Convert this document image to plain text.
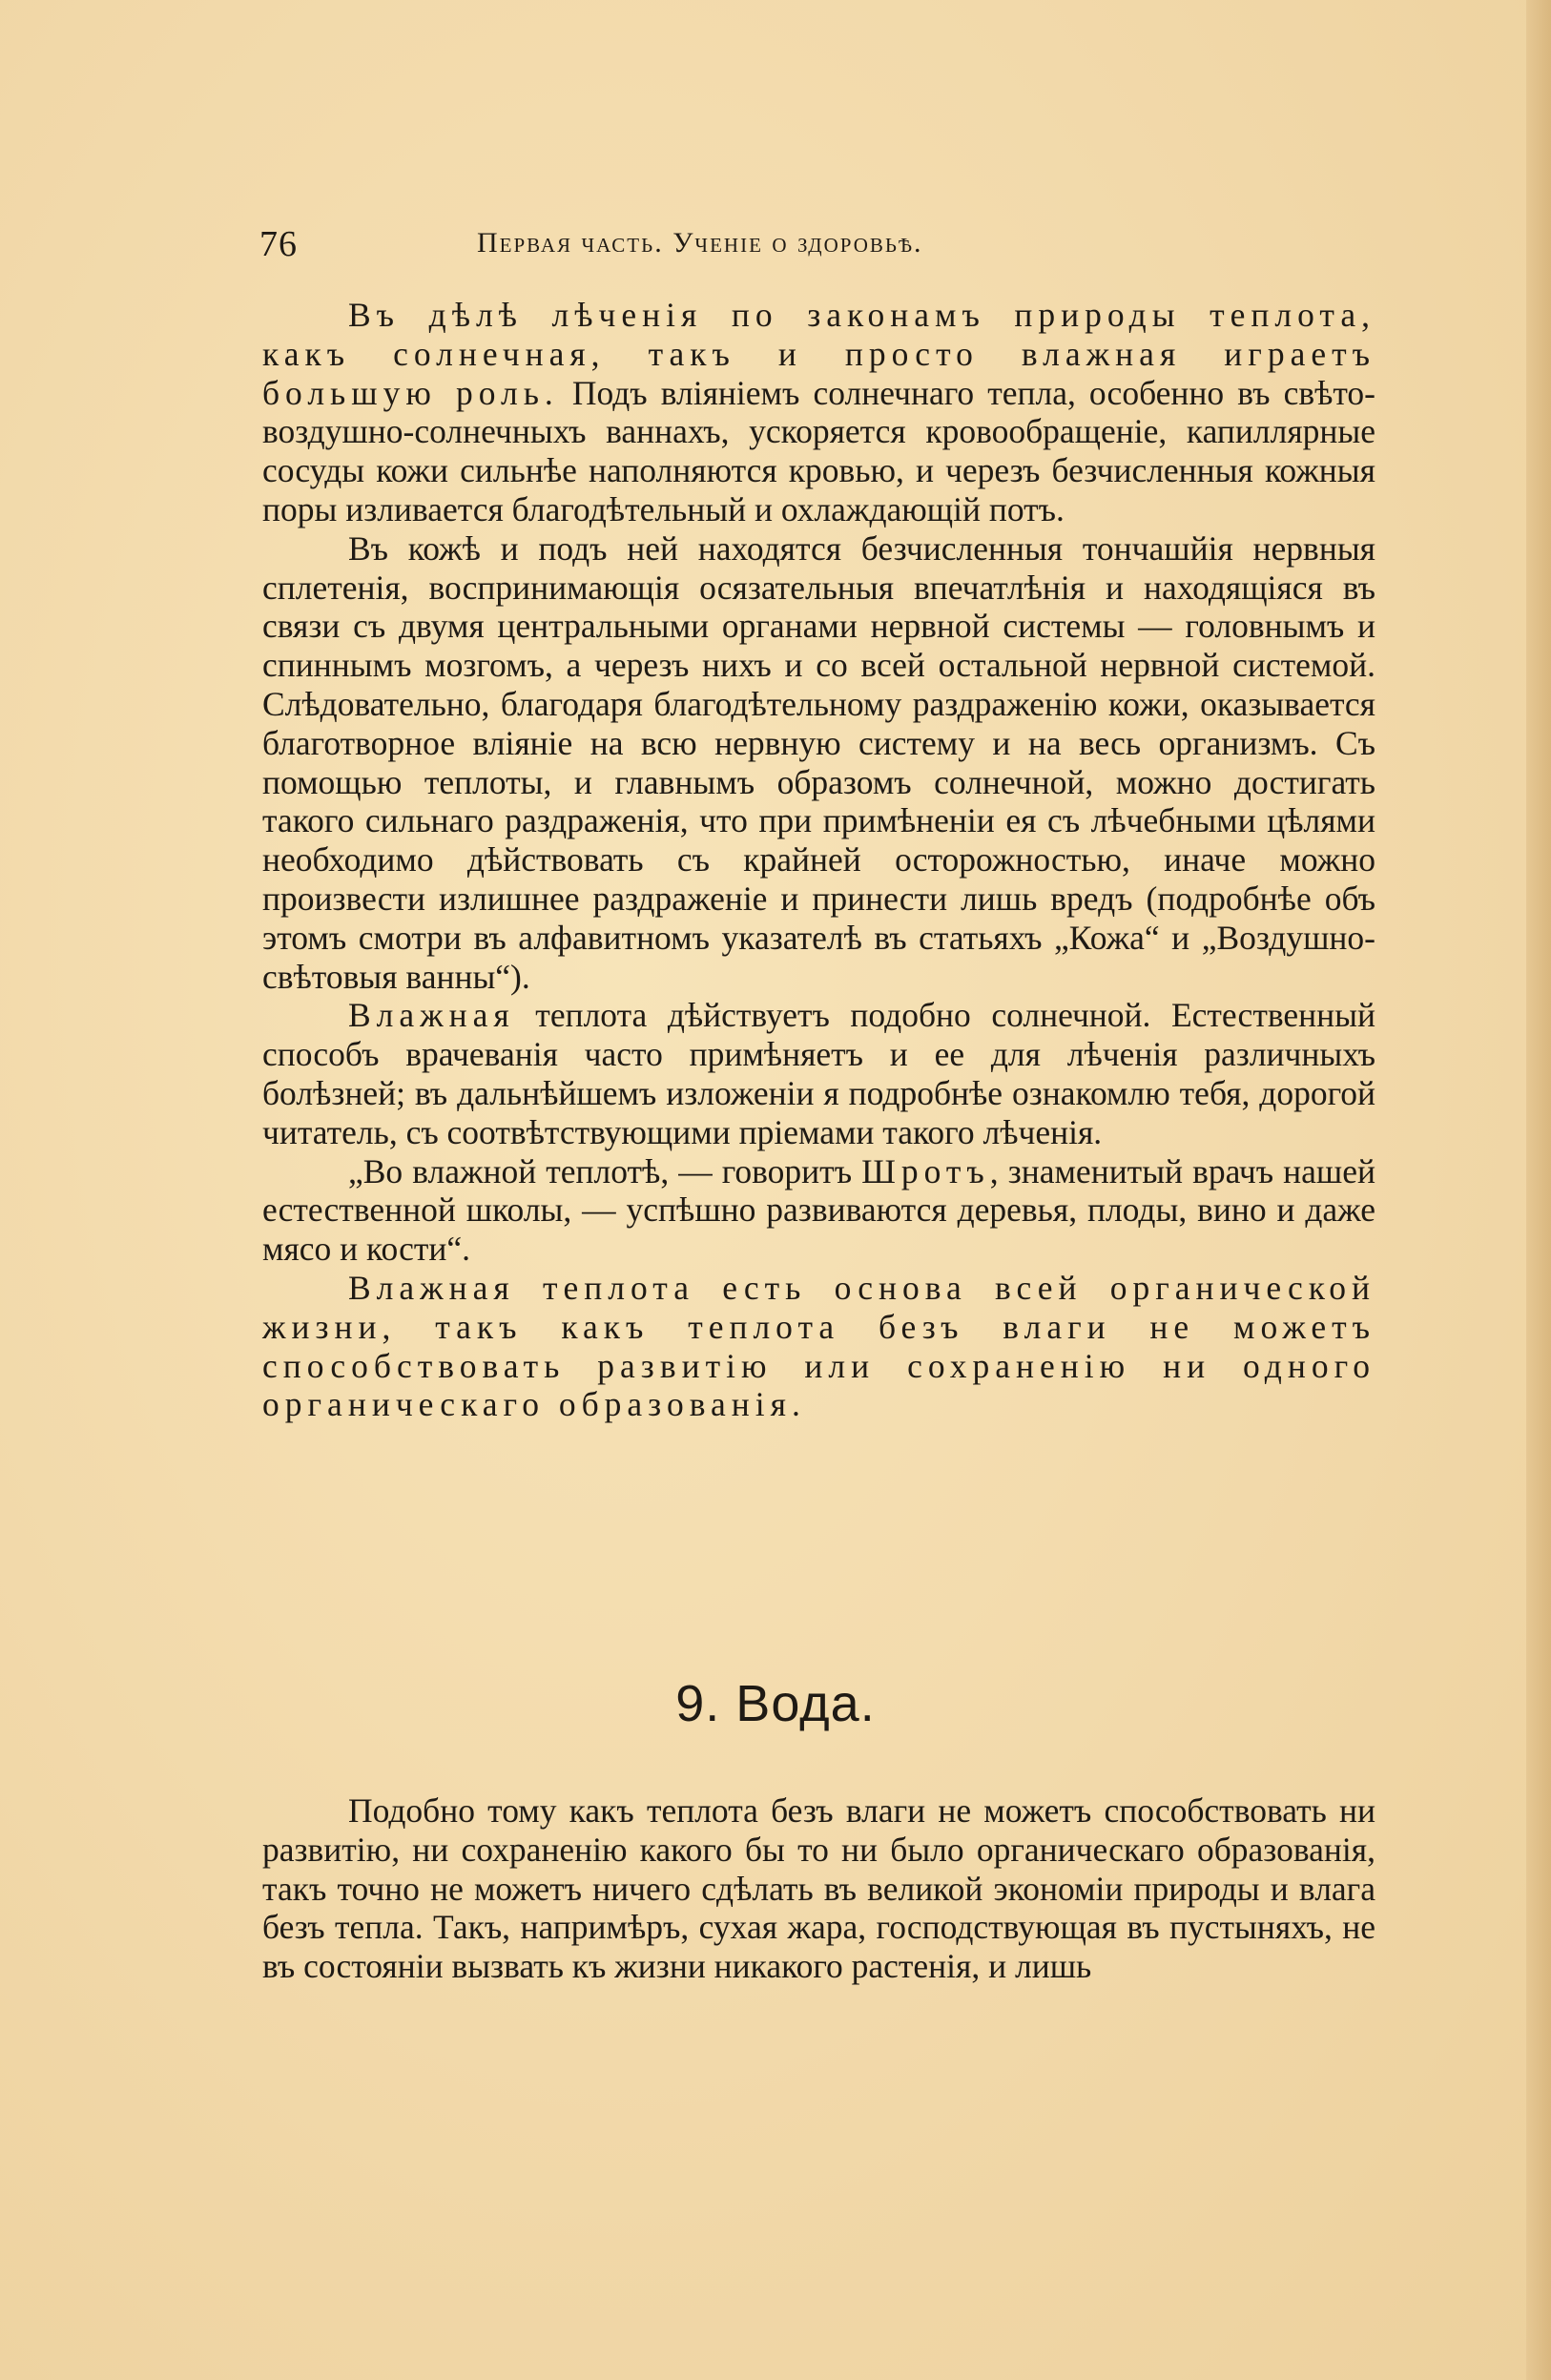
76	Первая часть. Ученіе о здоровьѣ.

Въ дѣлѣ лѣченія по законамъ природы теплота, какъ солнечная, такъ и просто влажная играетъ большую роль. Подъ вліяніемъ солнечнаго тепла, особенно въ свѣто-воздушно-солнечныхъ ваннахъ, ускоряется кровообращеніе, капиллярные сосуды кожи сильнѣе наполняются кровью, и черезъ безчисленныя кожныя поры изливается благодѣтельный и охлаждающій потъ.

Въ кожѣ и подъ ней находятся безчисленныя тончашйія нервныя сплетенія, воспринимающія осязательныя впечатлѣнія и находящіяся въ связи съ двумя центральными органами нервной системы — головнымъ и спиннымъ мозгомъ, а черезъ нихъ и со всей остальной нервной системой. Слѣдовательно, благодаря благодѣтельному раздраженію кожи, оказывается благотворное вліяніе на всю нервную систему и на весь организмъ. Съ помощью теплоты, и главнымъ образомъ солнечной, можно достигать такого сильнаго раздраженія, что при примѣненіи ея съ лѣчебными цѣлями необходимо дѣйствовать съ крайней осторожностью, иначе можно произвести излишнее раздраженіе и принести лишь вредъ (подробнѣе объ этомъ смотри въ алфавитномъ указателѣ въ статьяхъ „Кожа“ и „Воздушно-свѣтовыя ванны“).

Влажная теплота дѣйствуетъ подобно солнечной. Естественный способъ врачеванія часто примѣняетъ и ее для лѣченія различныхъ болѣзней; въ дальнѣйшемъ изложеніи я подробнѣе ознакомлю тебя, дорогой читатель, съ соотвѣтствующими пріемами такого лѣченія.

„Во влажной теплотѣ, — говоритъ Шротъ, знаменитый врачъ нашей естественной школы, — успѣшно развиваются деревья, плоды, вино и даже мясо и кости“.

Влажная теплота есть основа всей органической жизни, такъ какъ теплота безъ влаги не можетъ способствовать развитію или сохраненію ни одного органическаго образованія.

9. Вода.

Подобно тому какъ теплота безъ влаги не можетъ способствовать ни развитію, ни сохраненію какого бы то ни было органическаго образованія, такъ точно не можетъ ничего сдѣлать въ великой экономіи природы и влага безъ тепла. Такъ, напримѣръ, сухая жара, господствующая въ пустыняхъ, не въ состояніи вызвать къ жизни никакого растенія, и лишь
